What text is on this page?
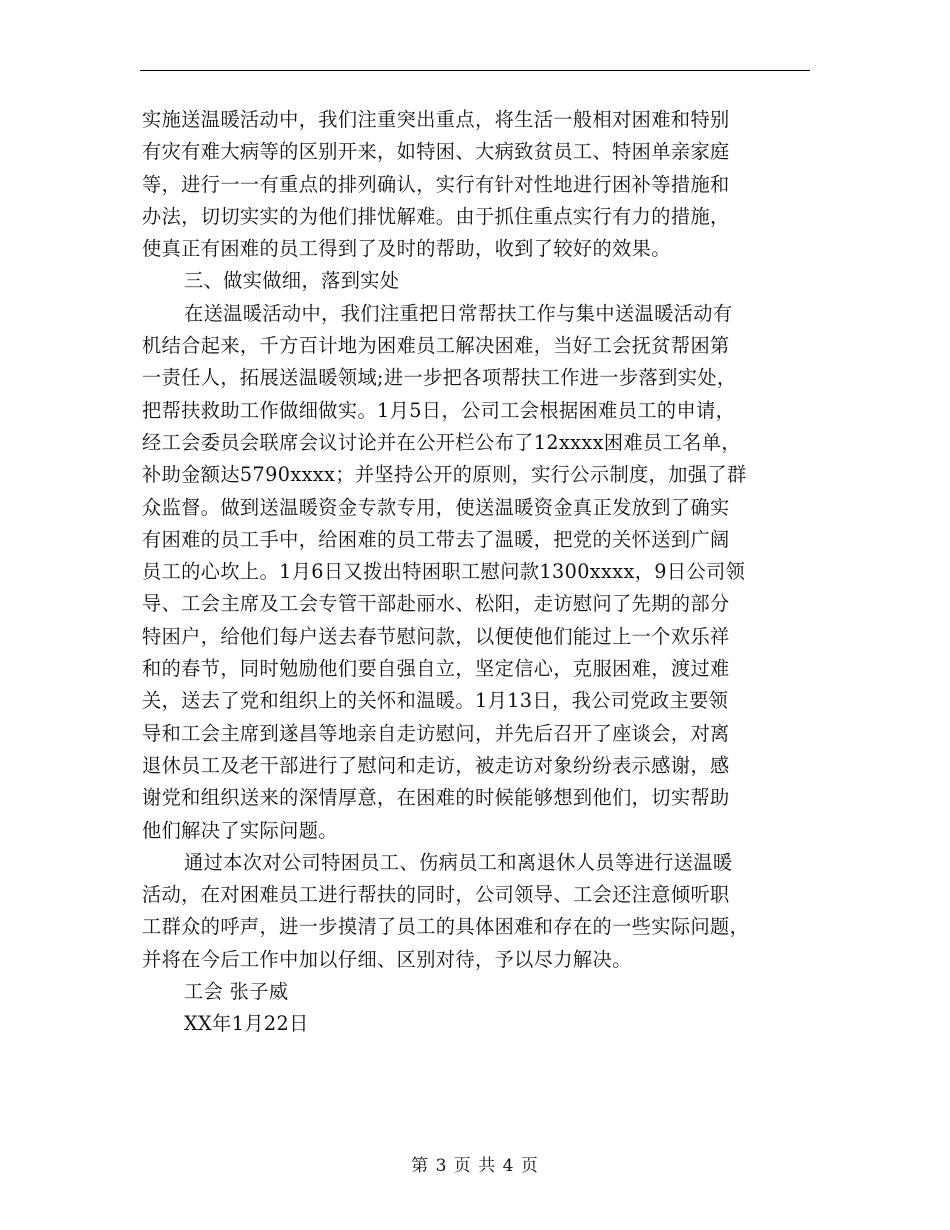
实施送温暖活动中，我们注重突出重点，将生活一般相对困难和特别
有灾有难大病等的区别开来，如特困、大病致贫员工、特困单亲家庭
等，进行一一有重点的排列确认，实行有针对性地进行困补等措施和
办法，切切实实的为他们排忧解难。由于抓住重点实行有力的措施，
使真正有困难的员工得到了及时的帮助，收到了较好的效果。
三、做实做细，落到实处
在送温暖活动中，我们注重把日常帮扶工作与集中送温暖活动有
机结合起来，千方百计地为困难员工解决困难，当好工会抚贫帮困第
一责任人，拓展送温暖领域;进一步把各项帮扶工作进一步落到实处，
把帮扶救助工作做细做实。1月5日，公司工会根据困难员工的申请，
经工会委员会联席会议讨论并在公开栏公布了12xxxx困难员工名单，
补助金额达5790xxxx；并坚持公开的原则，实行公示制度，加强了群
众监督。做到送温暖资金专款专用，使送温暖资金真正发放到了确实
有困难的员工手中，给困难的员工带去了温暖，把党的关怀送到广阔
员工的心坎上。1月6日又拨出特困职工慰问款1300xxxx，9日公司领
导、工会主席及工会专管干部赴丽水、松阳，走访慰问了先期的部分
特困户，给他们每户送去春节慰问款，以便使他们能过上一个欢乐祥
和的春节，同时勉励他们要自强自立，坚定信心，克服困难，渡过难
关，送去了党和组织上的关怀和温暖。1月13日，我公司党政主要领
导和工会主席到遂昌等地亲自走访慰问，并先后召开了座谈会，对离
退休员工及老干部进行了慰问和走访，被走访对象纷纷表示感谢，感
谢党和组织送来的深情厚意，在困难的时候能够想到他们，切实帮助
他们解决了实际问题。
通过本次对公司特困员工、伤病员工和离退休人员等进行送温暖
活动，在对困难员工进行帮扶的同时，公司领导、工会还注意倾听职
工群众的呼声，进一步摸清了员工的具体困难和存在的一些实际问题，
并将在今后工作中加以仔细、区别对待，予以尽力解决。
工会 张子威
XX年1月22日
第 3 页 共 4 页
